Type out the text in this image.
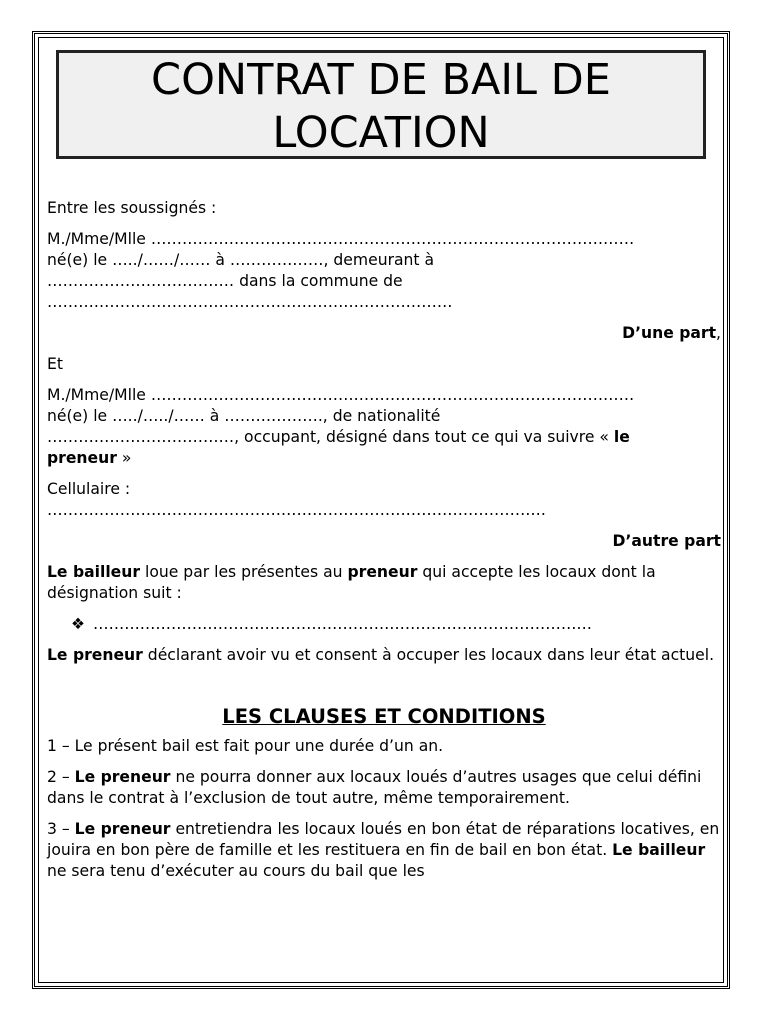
CONTRAT DE BAIL DE
LOCATION

Entre les soussignés :

M./Mme/Mlle …………………………………………………………………………………
né(e) le …../……/…… à ………………, demeurant à
……………………………… dans la commune de
……………………………………………………………………

D’une part,

Et

M./Mme/Mlle …………………………………………………………………………………
né(e) le …../…../…… à ………………., de nationalité
………………………………, occupant, désigné dans tout ce qui va suivre « le
preneur »

Cellulaire :
……………………………………………………………………………………

D’autre part

Le bailleur loue par les présentes au preneur qui accepte les locaux dont la désignation suit :

❖ ……………………………………………………………………………………

Le preneur déclarant avoir vu et consent à occuper les locaux dans leur état actuel.

LES CLAUSES ET CONDITIONS

1 – Le présent bail est fait pour une durée d’un an.

2 – Le preneur ne pourra donner aux locaux loués d’autres usages que celui défini dans le contrat à l’exclusion de tout autre, même temporairement.

3 – Le preneur entretiendra les locaux loués en bon état de réparations locatives, en jouira en bon père de famille et les restituera en fin de bail en bon état. Le bailleur ne sera tenu d’exécuter au cours du bail que les
